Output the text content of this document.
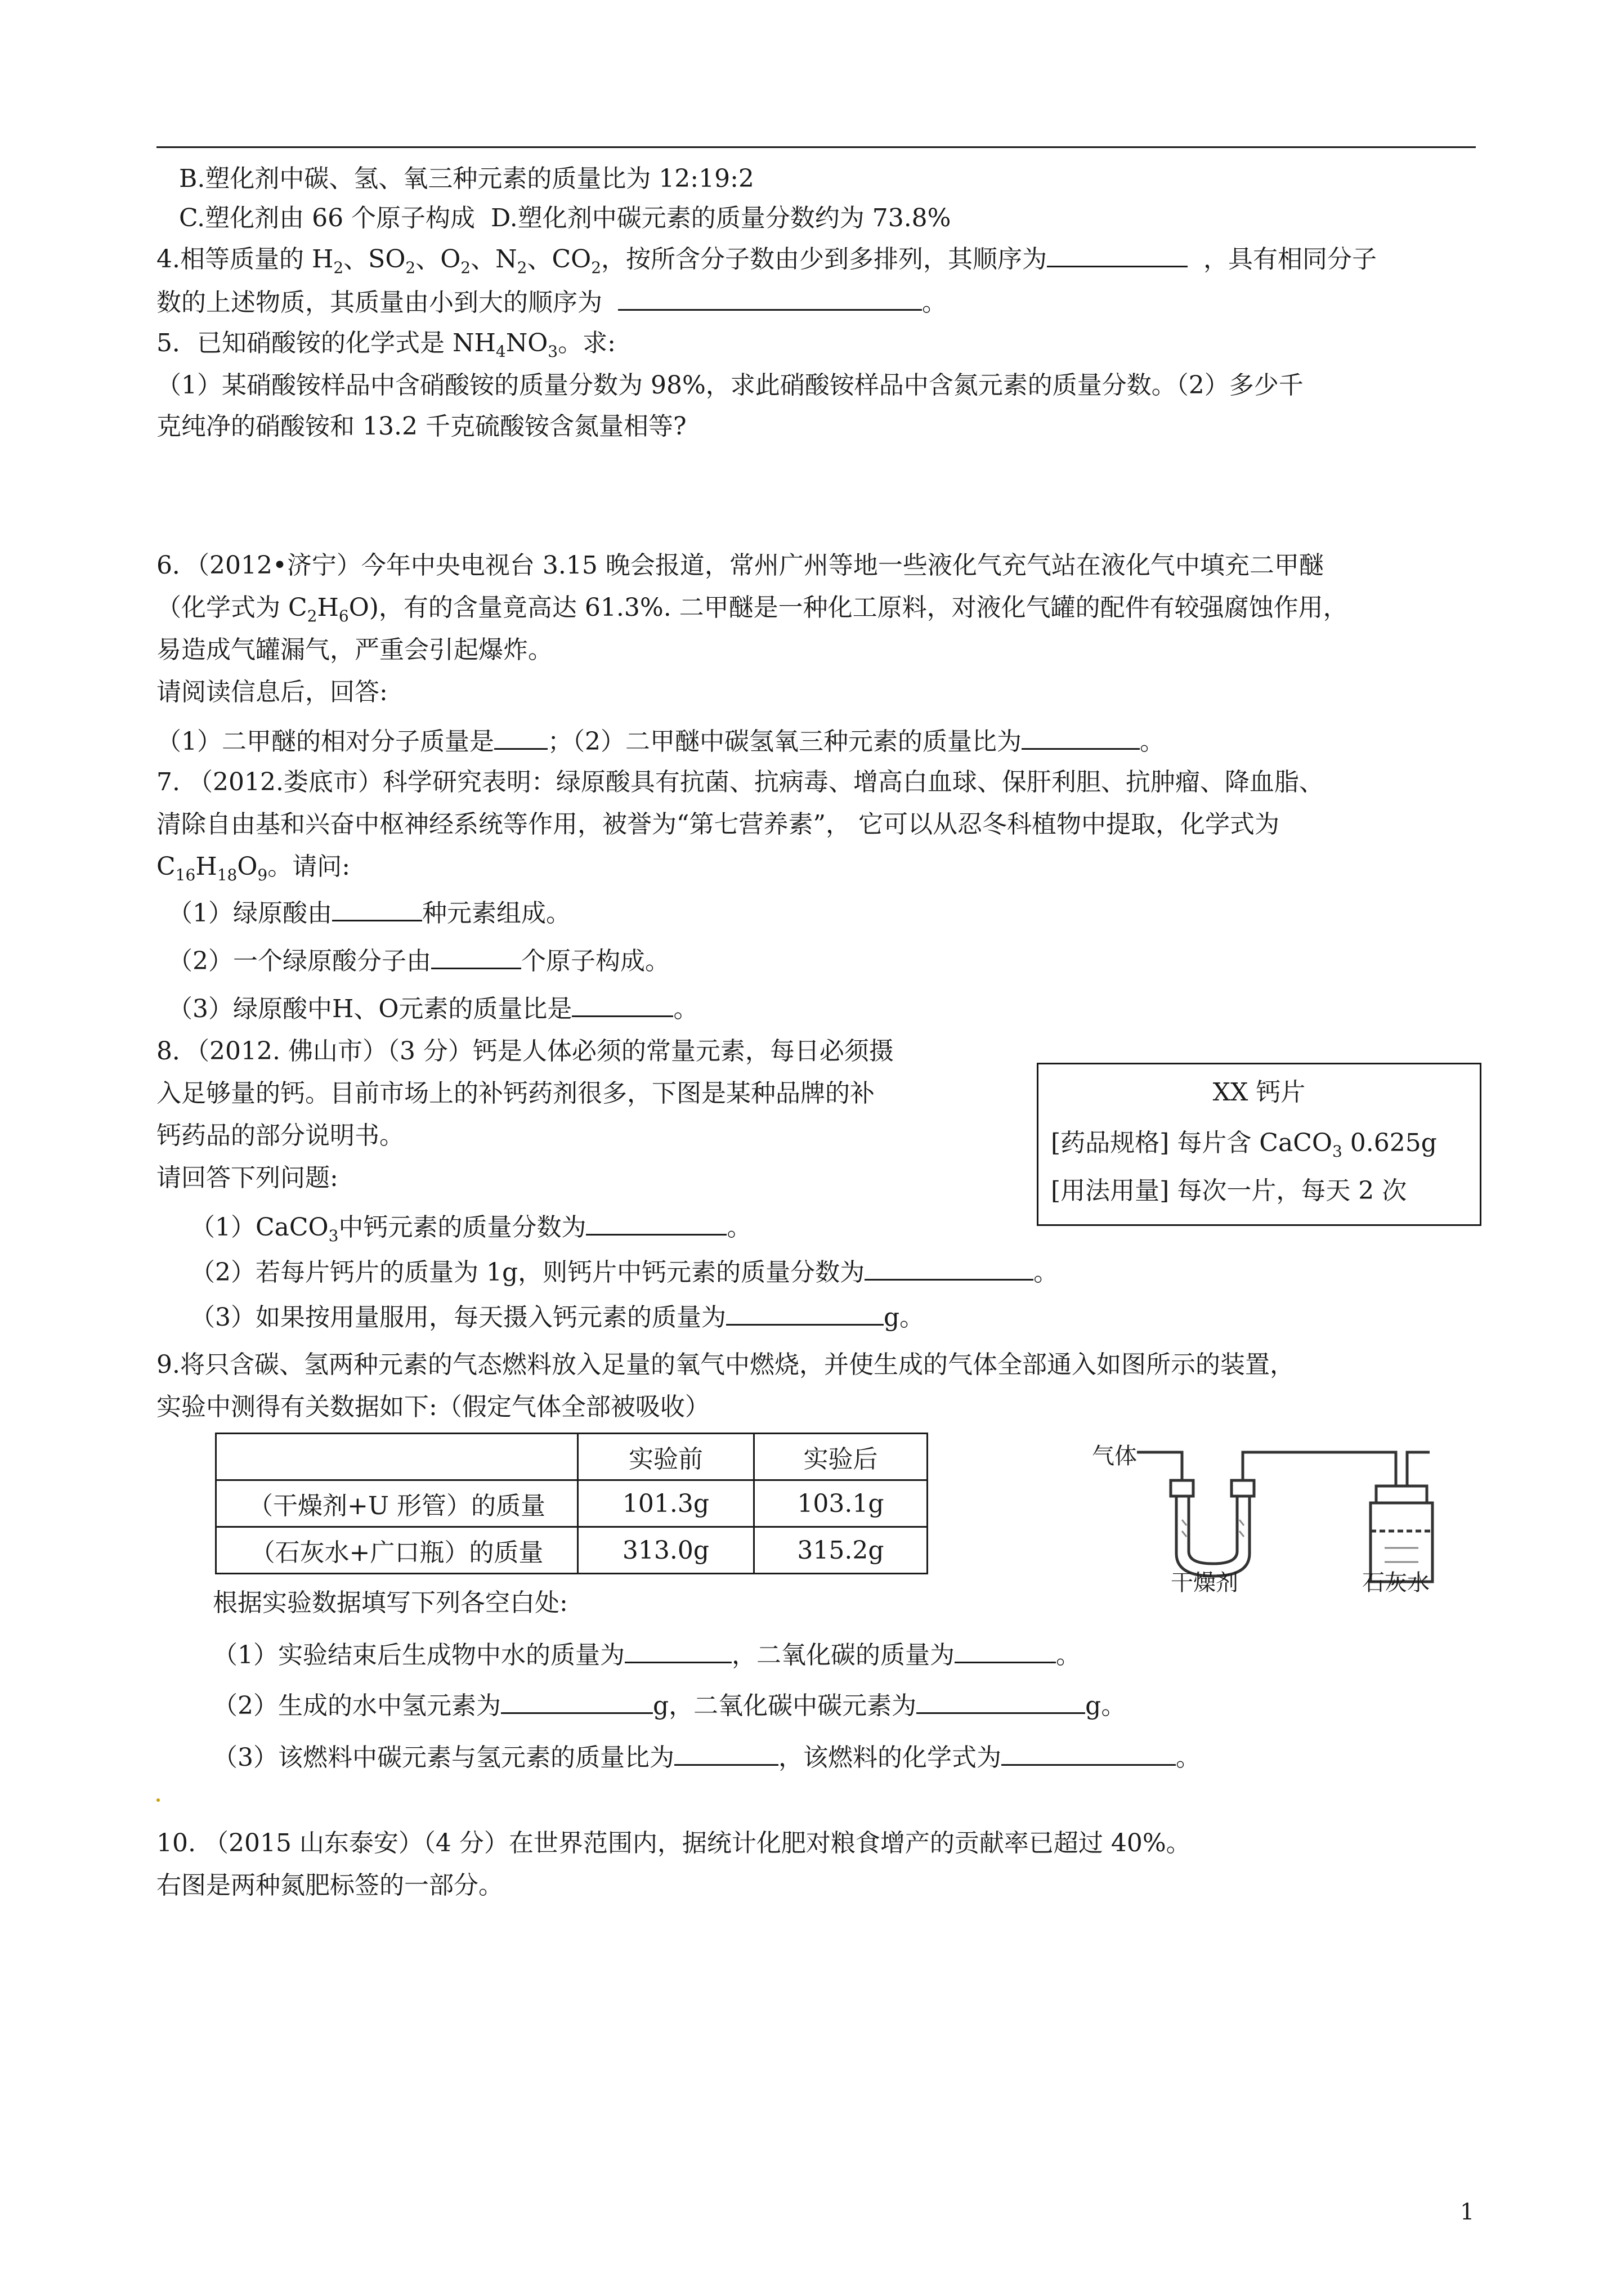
B.塑化剂中碳、氢、氧三种元素的质量比为 12:19:2
C.塑化剂由 66 个原子构成 D.塑化剂中碳元素的质量分数约为 73.8%
4.相等质量的 $H_2$、$SO_2$、$O_2$、$N_2$、$CO_2$，按所含分子数由少到多排列，其顺序为	，具有相同分子
数的上述物质，其质量由小到大的顺序为	。
5．已知硝酸铵的化学式是 $NH_4NO_3$。求:
（1）某硝酸铵样品中含硝酸铵的质量分数为 98%，求此硝酸铵样品中含氮元素的质量分数。（2）多少千
克纯净的硝酸铵和 13.2 千克硫酸铵含氮量相等?
6．（2012•济宁）今年中央电视台 3.15 晚会报道，常州广州等地一些液化气充气站在液化气中填充二甲醚
（化学式为 $C_2H_6O$)，有的含量竟高达 61.3%. 二甲醚是一种化工原料，对液化气罐的配件有较强腐蚀作用，
易造成气罐漏气，严重会引起爆炸。
请阅读信息后，回答:
（1）二甲醚的相对分子质量是 ；（2）二甲醚中碳氢氧三种元素的质量比为	。
7. （2012.娄底市）科学研究表明：绿原酸具有抗菌、抗病毒、增高白血球、保肝利胆、抗肿瘤、降血脂、
清除自由基和兴奋中枢神经系统等作用，被誉为“第七营养素”， 它可以从忍冬科植物中提取，化学式为
$C_{16}H_{18}O_9$。请问:
（1）绿原酸由	种元素组成。
（2）一个绿原酸分子由	个原子构成。
（3）绿原酸中H、O元素的质量比是	。
8．（2012. 佛山市）（3 分）钙是人体必须的常量元素，每日必须摄
入足够量的钙。目前市场上的补钙药剂很多，下图是某种品牌的补
钙药品的部分说明书。
请回答下列问题:
（1）CaCO$_3$中钙元素的质量分数为	。
（2）若每片钙片的质量为 1g，则钙片中钙元素的质量分数为	。
（3）如果按用量服用，每天摄入钙元素的质量为	g。
XX 钙片
[药品规格] 每片含 CaCO$_3$ 0.625g
[用法用量] 每次一片，每天 2 次
9.将只含碳、氢两种元素的气态燃料放入足量的氧气中燃烧，并使生成的气体全部通入如图所示的装置，
实验中测得有关数据如下:（假定气体全部被吸收）
	实验前	实验后
（干燥剂+U 形管）的质量	101.3g	103.1g
（石灰水+广口瓶）的质量	313.0g	315.2g
气体
干燥剂	石灰水
根据实验数据填写下列各空白处:
（1）实验结束后生成物中水的质量为	，二氧化碳的质量为	。
（2）生成的水中氢元素为	g，二氧化碳中碳元素为	g。
（3）该燃料中碳元素与氢元素的质量比为	，该燃料的化学式为	。
10. （2015 山东泰安）（4 分）在世界范围内，据统计化肥对粮食增产的贡献率已超过 40%。
右图是两种氮肥标签的一部分。
1
